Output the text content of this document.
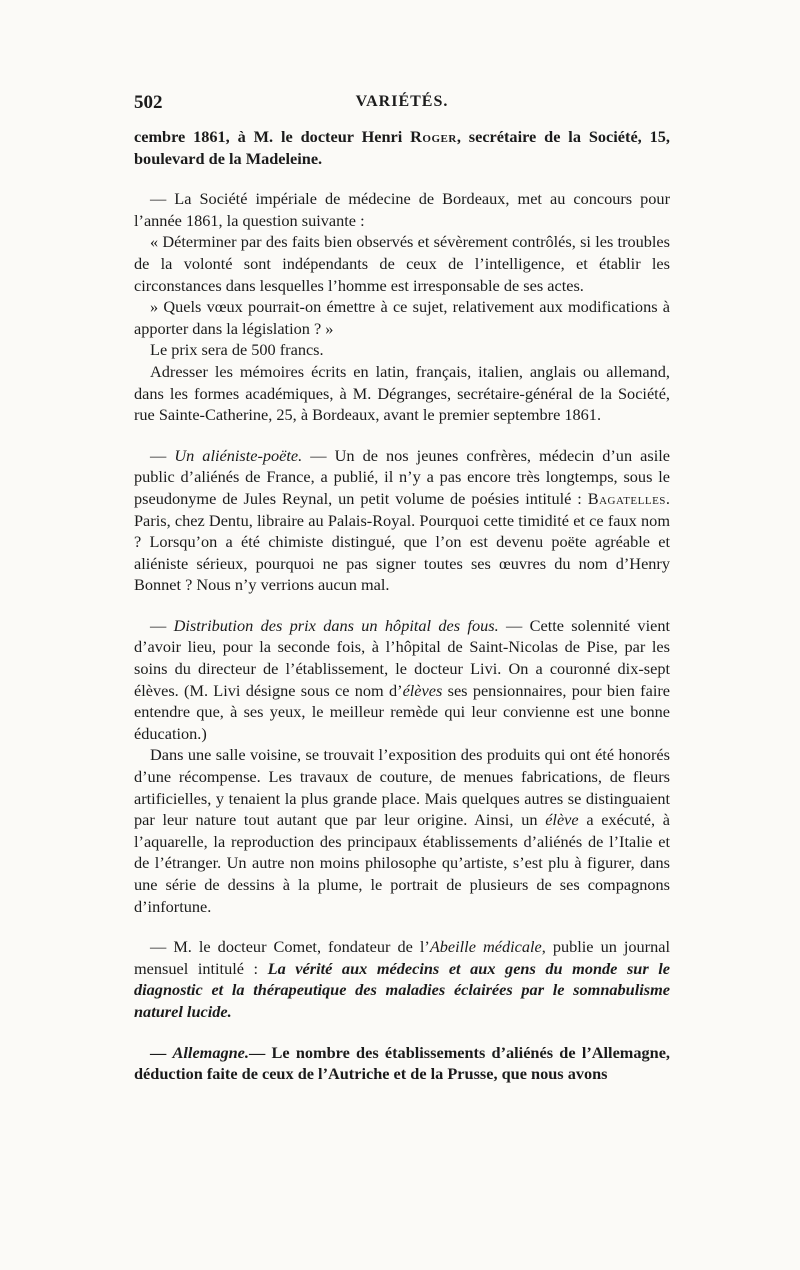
502	VARIÉTÉS.

cembre 1861, à M. le docteur Henri Roger, secrétaire de la Société, 15, boulevard de la Madeleine.

— La Société impériale de médecine de Bordeaux, met au concours pour l’année 1861, la question suivante :

« Déterminer par des faits bien observés et sévèrement contrôlés, si les troubles de la volonté sont indépendants de ceux de l’intelligence, et établir les circonstances dans lesquelles l’homme est irresponsable de ses actes.

» Quels vœux pourrait-on émettre à ce sujet, relativement aux modifications à apporter dans la législation ? »

Le prix sera de 500 francs.

Adresser les mémoires écrits en latin, français, italien, anglais ou allemand, dans les formes académiques, à M. Dégranges, secrétaire-général de la Société, rue Sainte-Catherine, 25, à Bordeaux, avant le premier septembre 1861.

— Un aliéniste-poëte. — Un de nos jeunes confrères, médecin d’un asile public d’aliénés de France, a publié, il n’y a pas encore très longtemps, sous le pseudonyme de Jules Reynal, un petit volume de poésies intitulé : Bagatelles. Paris, chez Dentu, libraire au Palais-Royal. Pourquoi cette timidité et ce faux nom ? Lorsqu’on a été chimiste distingué, que l’on est devenu poëte agréable et aliéniste sérieux, pourquoi ne pas signer toutes ses œuvres du nom d’Henry Bonnet ? Nous n’y verrions aucun mal.

— Distribution des prix dans un hôpital des fous. — Cette solennité vient d’avoir lieu, pour la seconde fois, à l’hôpital de Saint-Nicolas de Pise, par les soins du directeur de l’établissement, le docteur Livi. On a couronné dix-sept élèves. (M. Livi désigne sous ce nom d’élèves ses pensionnaires, pour bien faire entendre que, à ses yeux, le meilleur remède qui leur convienne est une bonne éducation.)

Dans une salle voisine, se trouvait l’exposition des produits qui ont été honorés d’une récompense. Les travaux de couture, de menues fabrications, de fleurs artificielles, y tenaient la plus grande place. Mais quelques autres se distinguaient par leur nature tout autant que par leur origine. Ainsi, un élève a exécuté, à l’aquarelle, la reproduction des principaux établissements d’aliénés de l’Italie et de l’étranger. Un autre non moins philosophe qu’artiste, s’est plu à figurer, dans une série de dessins à la plume, le portrait de plusieurs de ses compagnons d’infortune.

— M. le docteur Comet, fondateur de l’Abeille médicale, publie un journal mensuel intitulé : La vérité aux médecins et aux gens du monde sur le diagnostic et la thérapeutique des maladies éclairées par le somnabulisme naturel lucide.

— Allemagne.— Le nombre des établissements d’aliénés de l’Allemagne, déduction faite de ceux de l’Autriche et de la Prusse, que nous avons
